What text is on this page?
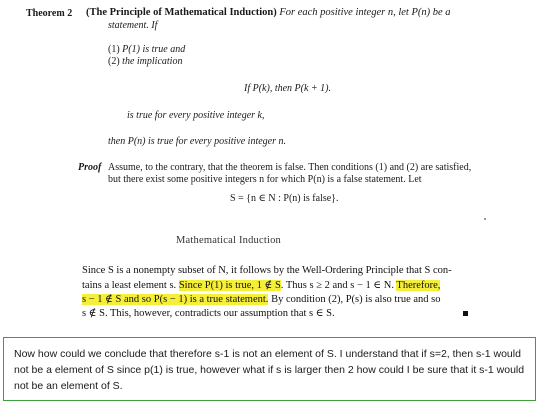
Theorem 2 (The Principle of Mathematical Induction) For each positive integer n, let P(n) be a
statement. If
(1) P(1) is true and
(2) the implication
If P(k), then P(k + 1).
is true for every positive integer k,
then P(n) is true for every positive integer n.
Proof Assume, to the contrary, that the theorem is false. Then conditions (1) and (2) are satisfied,
but there exist some positive integers n for which P(n) is a false statement. Let
S = {n ∈ N : P(n) is false}.
Mathematical Induction
Since S is a nonempty subset of N, it follows by the Well-Ordering Principle that S con-
tains a least element s. Since P(1) is true, 1 ∉ S. Thus s ≥ 2 and s − 1 ∈ N. Therefore,
s − 1 ∉ S and so P(s − 1) is a true statement. By condition (2), P(s) is also true and so
s ∉ S. This, however, contradicts our assumption that s ∈ S.
Now how could we conclude that therefore s-1 is not an element of S. I understand that if s=2, then s-1 would not be a element of S since p(1) is true, however what if s is larger then 2 how could I be sure that it s-1 would not be an element of S.
